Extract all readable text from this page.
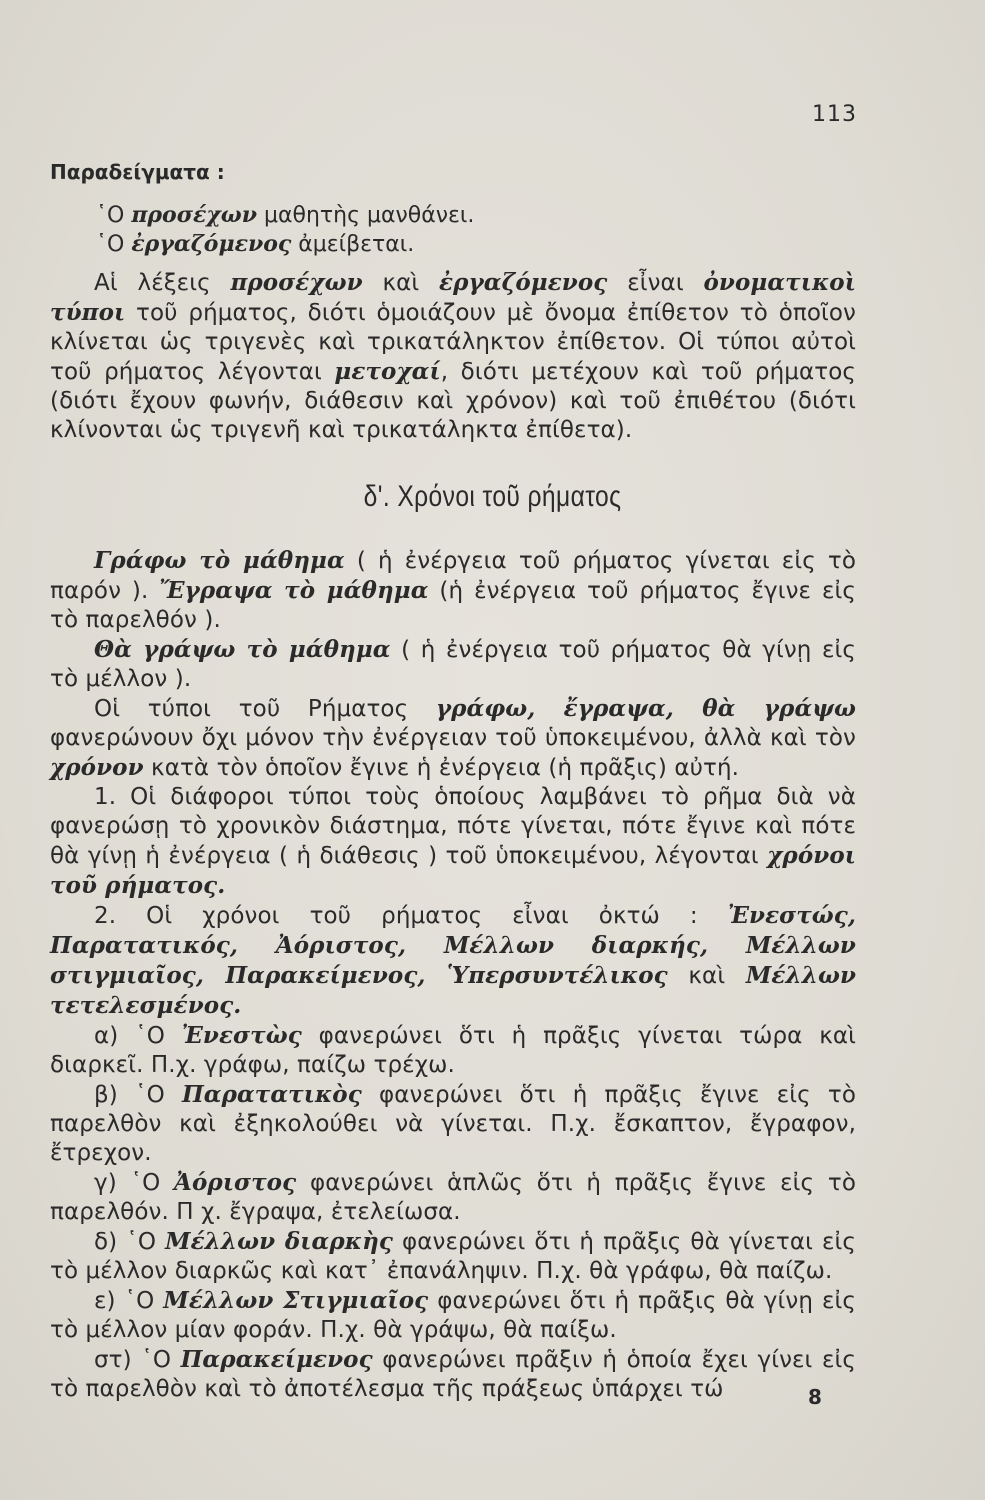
113
Παραδείγματα :
῾Ο προσέχων μαθητὴς μανθάνει.
῾Ο ἐργαζόμενος ἀμείβεται.

Αἱ λέξεις προσέχων καὶ ἐργαζόμενος εἶναι ὀνοματικοὶ τύποι τοῦ ρήματος, διότι ὁμοιάζουν μὲ ὄνομα ἐπίθετον τὸ ὁποῖον κλίνεται ὡς τριγενὲς καὶ τρικατάληκτον ἐπίθετον. Οἱ τύποι αὐτοὶ τοῦ ρήματος λέγονται μετοχαί, διότι μετέχουν καὶ τοῦ ρήματος (διότι ἔχουν φωνήν, διάθεσιν καὶ χρόνον) καὶ τοῦ ἐπιθέτου (διότι κλίνονται ὡς τριγενῆ καὶ τρικατάληκτα ἐπίθετα).

δ'. Χρόνοι τοῦ ρήματος

Γράφω τὸ μάθημα ( ἡ ἐνέργεια τοῦ ρήματος γίνεται εἰς τὸ παρόν ). Ἔγραψα τὸ μάθημα (ἡ ἐνέργεια τοῦ ρήματος ἔγινε εἰς τὸ παρελθόν ).

Θὰ γράψω τὸ μάθημα ( ἡ ἐνέργεια τοῦ ρήματος θὰ γίνῃ εἰς τὸ μέλλον ).

Οἱ τύποι τοῦ Ρήματος γράφω, ἔγραψα, θὰ γράψω φανερώνουν ὄχι μόνον τὴν ἐνέργειαν τοῦ ὑποκειμένου, ἀλλὰ καὶ τὸν χρόνον κατὰ τὸν ὁποῖον ἔγινε ἡ ἐνέργεια (ἡ πρᾶξις) αὐτή.

1. Οἱ διάφοροι τύποι τοὺς ὁποίους λαμβάνει τὸ ρῆμα διὰ νὰ φανερώσῃ τὸ χρονικὸν διάστημα, πότε γίνεται, πότε ἔγινε καὶ πότε θὰ γίνῃ ἡ ἐνέργεια ( ἡ διάθεσις ) τοῦ ὑποκειμένου, λέγονται χρόνοι τοῦ ρήματος.

2. Οἱ χρόνοι τοῦ ρήματος εἶναι ὀκτώ : Ἐνεστώς, Παρατατικός, Ἀόριστος, Μέλλων διαρκής, Μέλλων στιγμιαῖος, Παρακείμενος, Ὑπερσυντέλικος καὶ Μέλλων τετελεσμένος.

α) ῾Ο Ἐνεστὼς φανερώνει ὅτι ἡ πρᾶξις γίνεται τώρα καὶ διαρκεῖ. Π.χ. γράφω, παίζω τρέχω.

β) ῾Ο Παρατατικὸς φανερώνει ὅτι ἡ πρᾶξις ἔγινε εἰς τὸ παρελθὸν καὶ ἐξηκολούθει νὰ γίνεται. Π.χ. ἔσκαπτον, ἔγραφον, ἔτρεχον.

γ) ῾Ο Ἀόριστος φανερώνει ἁπλῶς ὅτι ἡ πρᾶξις ἔγινε εἰς τὸ παρελθόν. Π χ. ἔγραψα, ἐτελείωσα.

δ) ῾Ο Μέλλων διαρκὴς φανερώνει ὅτι ἡ πρᾶξις θὰ γίνεται εἰς τὸ μέλλον διαρκῶς καὶ κατ᾽ ἐπανάληψιν. Π.χ. θὰ γράφω, θὰ παίζω.

ε) ῾Ο Μέλλων Στιγμιαῖος φανερώνει ὅτι ἡ πρᾶξις θὰ γίνῃ εἰς τὸ μέλλον μίαν φοράν. Π.χ. θὰ γράψω, θὰ παίξω.

στ) ῾Ο Παρακείμενος φανερώνει πρᾶξιν ἡ ὁποία ἔχει γίνει εἰς τὸ παρελθὸν καὶ τὸ ἀποτέλεσμα τῆς πράξεως ὑπάρχει τώ	8
